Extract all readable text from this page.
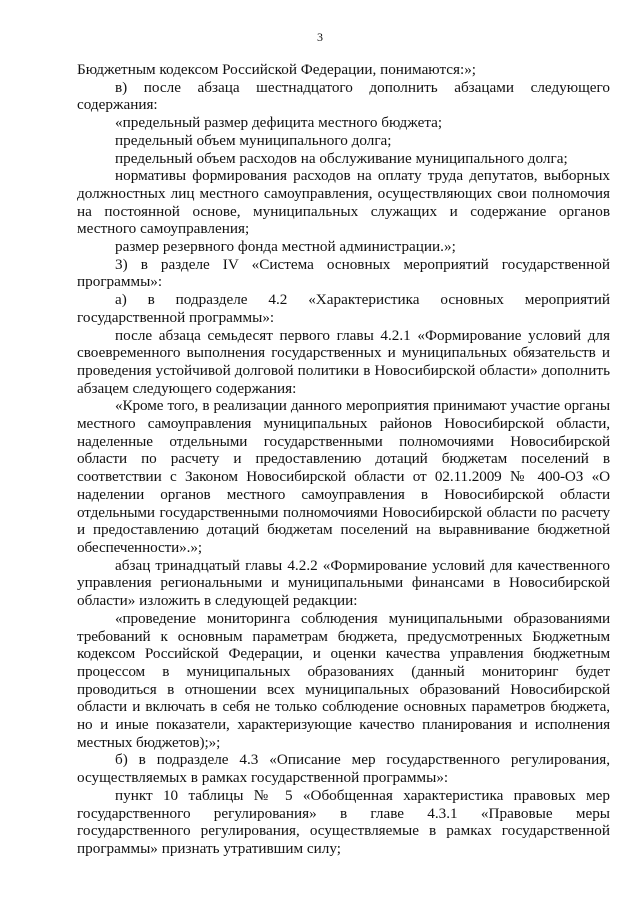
3

Бюджетным кодексом Российской Федерации, понимаются:»;

в) после абзаца шестнадцатого дополнить абзацами следующего содержания:

«предельный размер дефицита местного бюджета;

предельный объем муниципального долга;

предельный объем расходов на обслуживание муниципального долга;

нормативы формирования расходов на оплату труда депутатов, выборных должностных лиц местного самоуправления, осуществляющих свои полномочия на постоянной основе, муниципальных служащих и содержание органов местного самоуправления;

размер резервного фонда местной администрации.»;

3) в разделе IV «Система основных мероприятий государственной программы»:

а) в подразделе 4.2 «Характеристика основных мероприятий государственной программы»:

после абзаца семьдесят первого главы 4.2.1 «Формирование условий для своевременного выполнения государственных и муниципальных обязательств и проведения устойчивой долговой политики в Новосибирской области» дополнить абзацем следующего содержания:

«Кроме того, в реализации данного мероприятия принимают участие органы местного самоуправления муниципальных районов Новосибирской области, наделенные отдельными государственными полномочиями Новосибирской области по расчету и предоставлению дотаций бюджетам поселений в соответствии с Законом Новосибирской области от 02.11.2009 № 400-ОЗ «О наделении органов местного самоуправления в Новосибирской области отдельными государственными полномочиями Новосибирской области по расчету и предоставлению дотаций бюджетам поселений на выравнивание бюджетной обеспеченности».»;

абзац тринадцатый главы 4.2.2 «Формирование условий для качественного управления региональными и муниципальными финансами в Новосибирской области» изложить в следующей редакции:

«проведение мониторинга соблюдения муниципальными образованиями требований к основным параметрам бюджета, предусмотренных Бюджетным кодексом Российской Федерации, и оценки качества управления бюджетным процессом в муниципальных образованиях (данный мониторинг будет проводиться в отношении всех муниципальных образований Новосибирской области и включать в себя не только соблюдение основных параметров бюджета, но и иные показатели, характеризующие качество планирования и исполнения местных бюджетов);»;

б) в подразделе 4.3 «Описание мер государственного регулирования, осуществляемых в рамках государственной программы»:

пункт 10 таблицы № 5 «Обобщенная характеристика правовых мер государственного регулирования» в главе 4.3.1 «Правовые меры государственного регулирования, осуществляемые в рамках государственной программы» признать утратившим силу;
